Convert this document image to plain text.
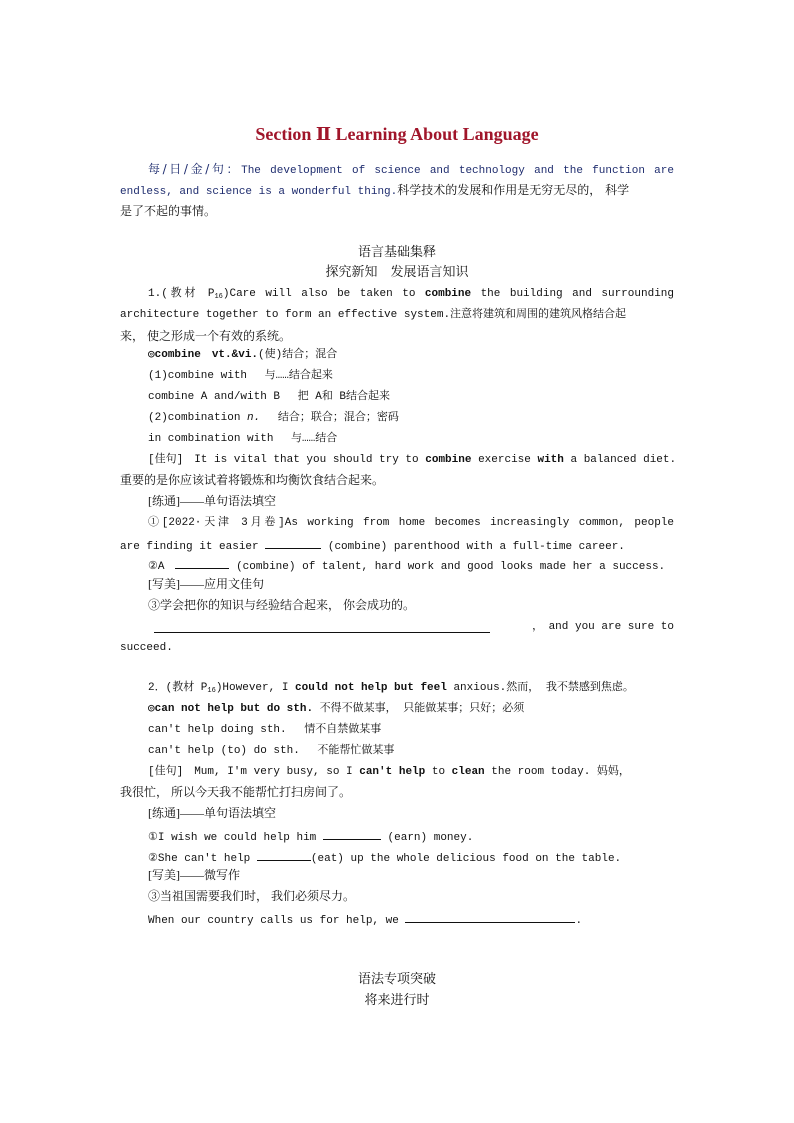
Section Ⅱ Learning About Language
每/日/金/句：The development of science and technology and the function are
endless, and science is a wonderful thing.科学技术的发展和作用是无穷无尽的， 科学
是了不起的事情。
语言基础集释
探究新知　发展语言知识
1.(教材 P16)Care will also be taken to combine the building and surrounding
architecture together to form an effective system.注意将建筑和周围的建筑风格结合起
来， 使之形成一个有效的系统。
◎combine　vt.&vi.(使)结合；混合
(1)combine with　 与……结合起来
combine A and/with B　 把 A和 B结合起来
(2)combination n.　 结合；联合；混合；密码
in combination with　 与……结合
[佳句]　It is vital that you should try to combine exercise with a balanced diet.
重要的是你应该试着将锻炼和均衡饮食结合起来。
[练通]——单句语法填空
①[2022·天津 3月卷]As working from home becomes increasingly common, people
are finding it easier	(combine) parenthood with a full-time career.
②A　	(combine) of talent, hard work and good looks made her a success.
[写美]——应用文佳句
③学会把你的知识与经验结合起来， 你会成功的。
，　and you are sure to
succeed.
2．(教材 P16)However, I could not help but feel anxious.然而， 我不禁感到焦虑。
◎can not help but do sth. 不得不做某事， 只能做某事；只好；必须
can't help doing sth.　 情不自禁做某事
can't help (to) do sth.　 不能帮忙做某事
[佳句]　Mum, I'm very busy, so I can't help to clean the room today. 妈妈，
我很忙， 所以今天我不能帮忙打扫房间了。
[练通]——单句语法填空
①I wish we could help him	(earn) money.
②She can't help	(eat) up the whole delicious food on the table.
[写美]——微写作
③当祖国需要我们时， 我们必须尽力。
When our country calls us for help, we	.
语法专项突破
将来进行时
